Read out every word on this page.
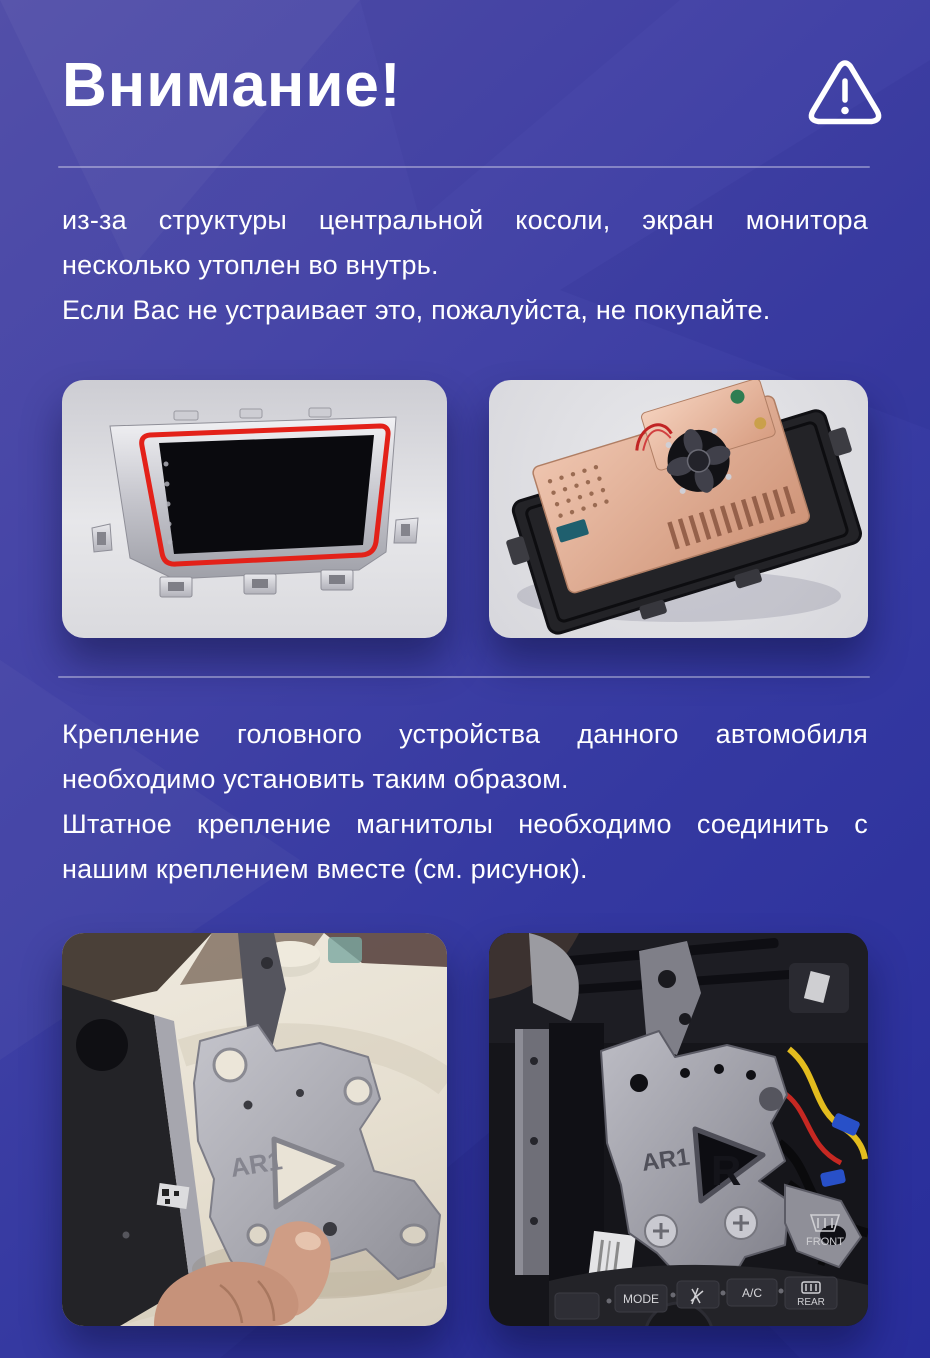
Внимание!

из-за структуры центральной косоли, экран монитора несколько утоплен во внутрь.

Если Вас не устраивает это, пожалуйста, не покупайте.

Крепление головного устройства данного автомобиля необходимо установить таким образом.

Штатное крепление магнитолы необходимо соединить с нашим креплением вместе (см. рисунок).

AR1	AR1 R
FRONT
MODE	A/C
REAR
